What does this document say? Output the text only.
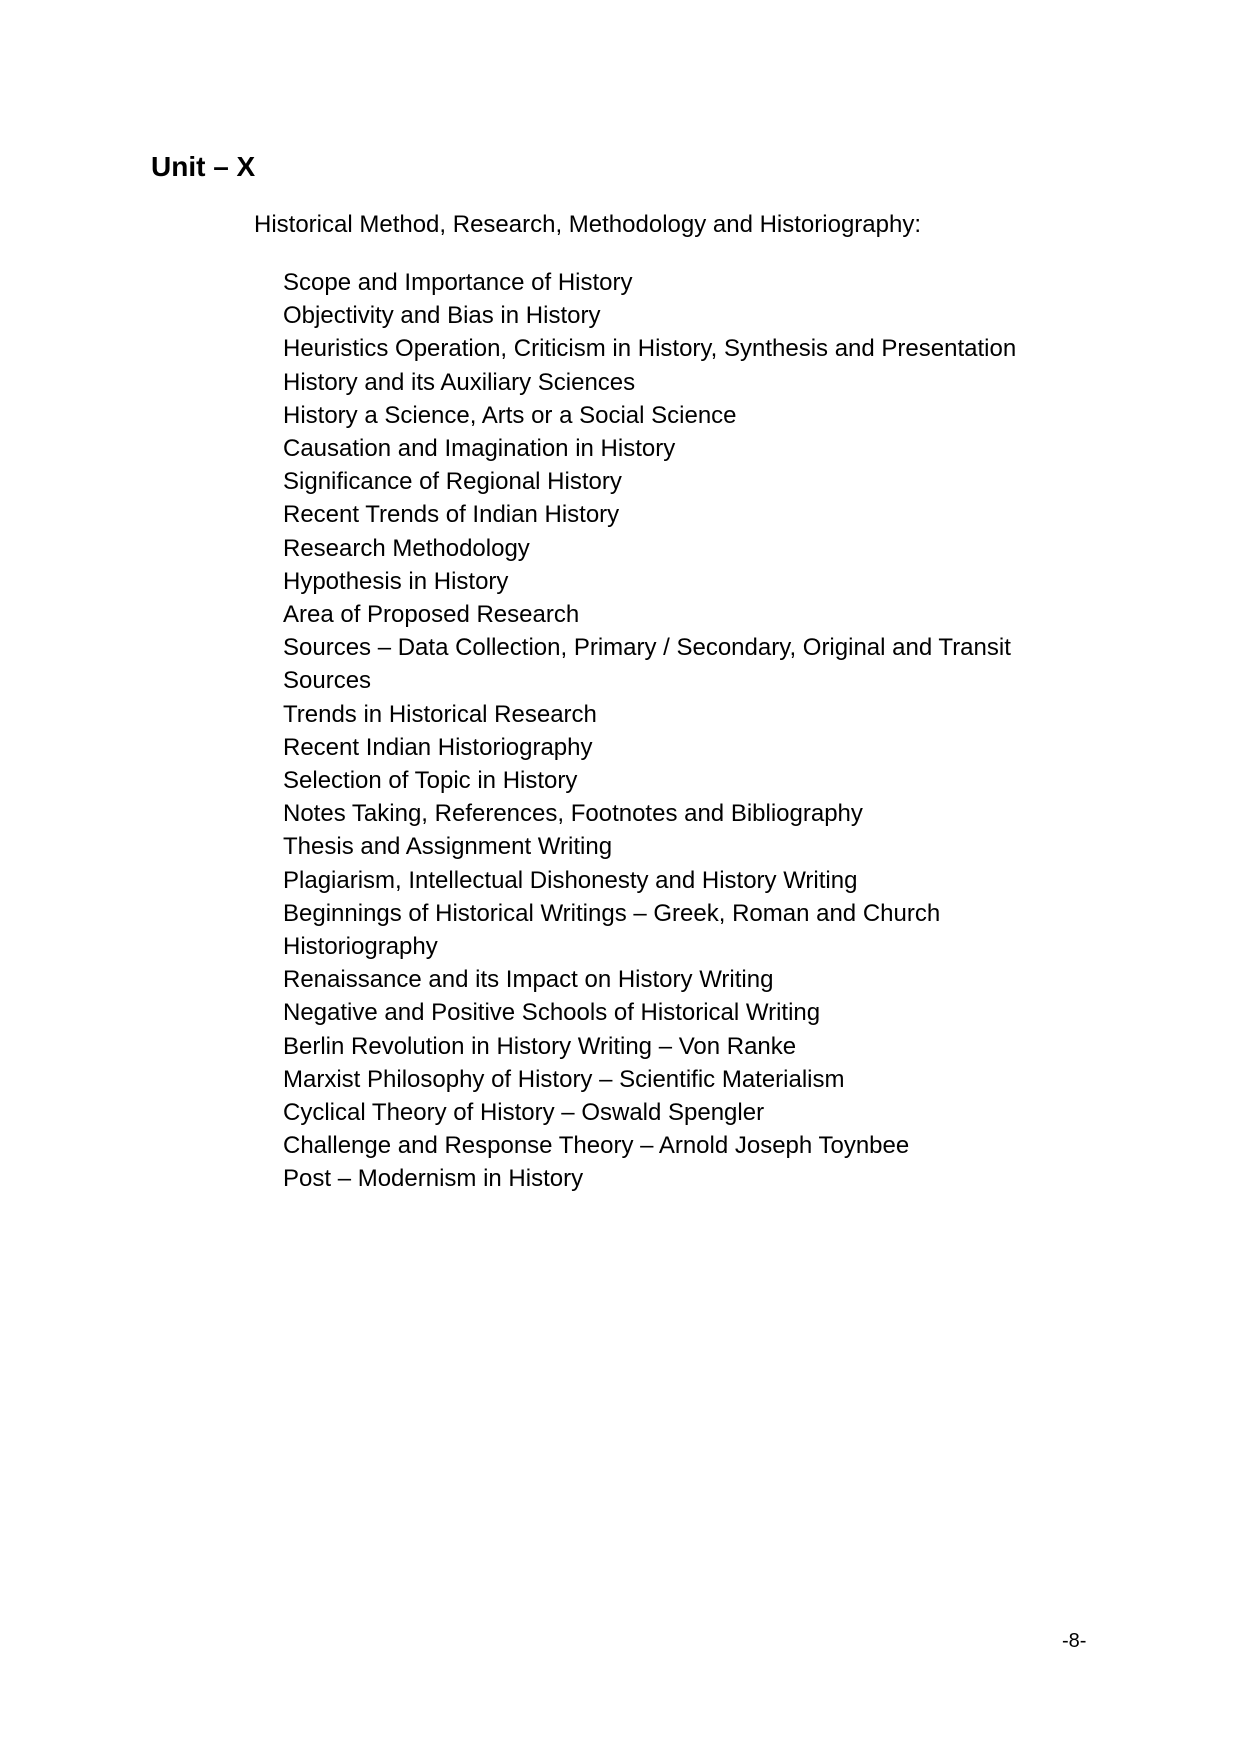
Unit – X

Historical Method, Research, Methodology and Historiography:

Scope and Importance of History
Objectivity and Bias in History
Heuristics Operation, Criticism in History, Synthesis and Presentation
History and its Auxiliary Sciences
History a Science, Arts or a Social Science
Causation and Imagination in History
Significance of Regional History
Recent Trends of Indian History
Research Methodology
Hypothesis in History
Area of Proposed Research
Sources – Data Collection, Primary / Secondary, Original and Transit
Sources
Trends in Historical Research
Recent Indian Historiography
Selection of Topic in History
Notes Taking, References, Footnotes and Bibliography
Thesis and Assignment Writing
Plagiarism, Intellectual Dishonesty and History Writing
Beginnings of Historical Writings – Greek, Roman and Church
Historiography
Renaissance and its Impact on History Writing
Negative and Positive Schools of Historical Writing
Berlin Revolution in History Writing – Von Ranke
Marxist Philosophy of History – Scientific Materialism
Cyclical Theory of History – Oswald Spengler
Challenge and Response Theory – Arnold Joseph Toynbee
Post – Modernism in History
-8-
